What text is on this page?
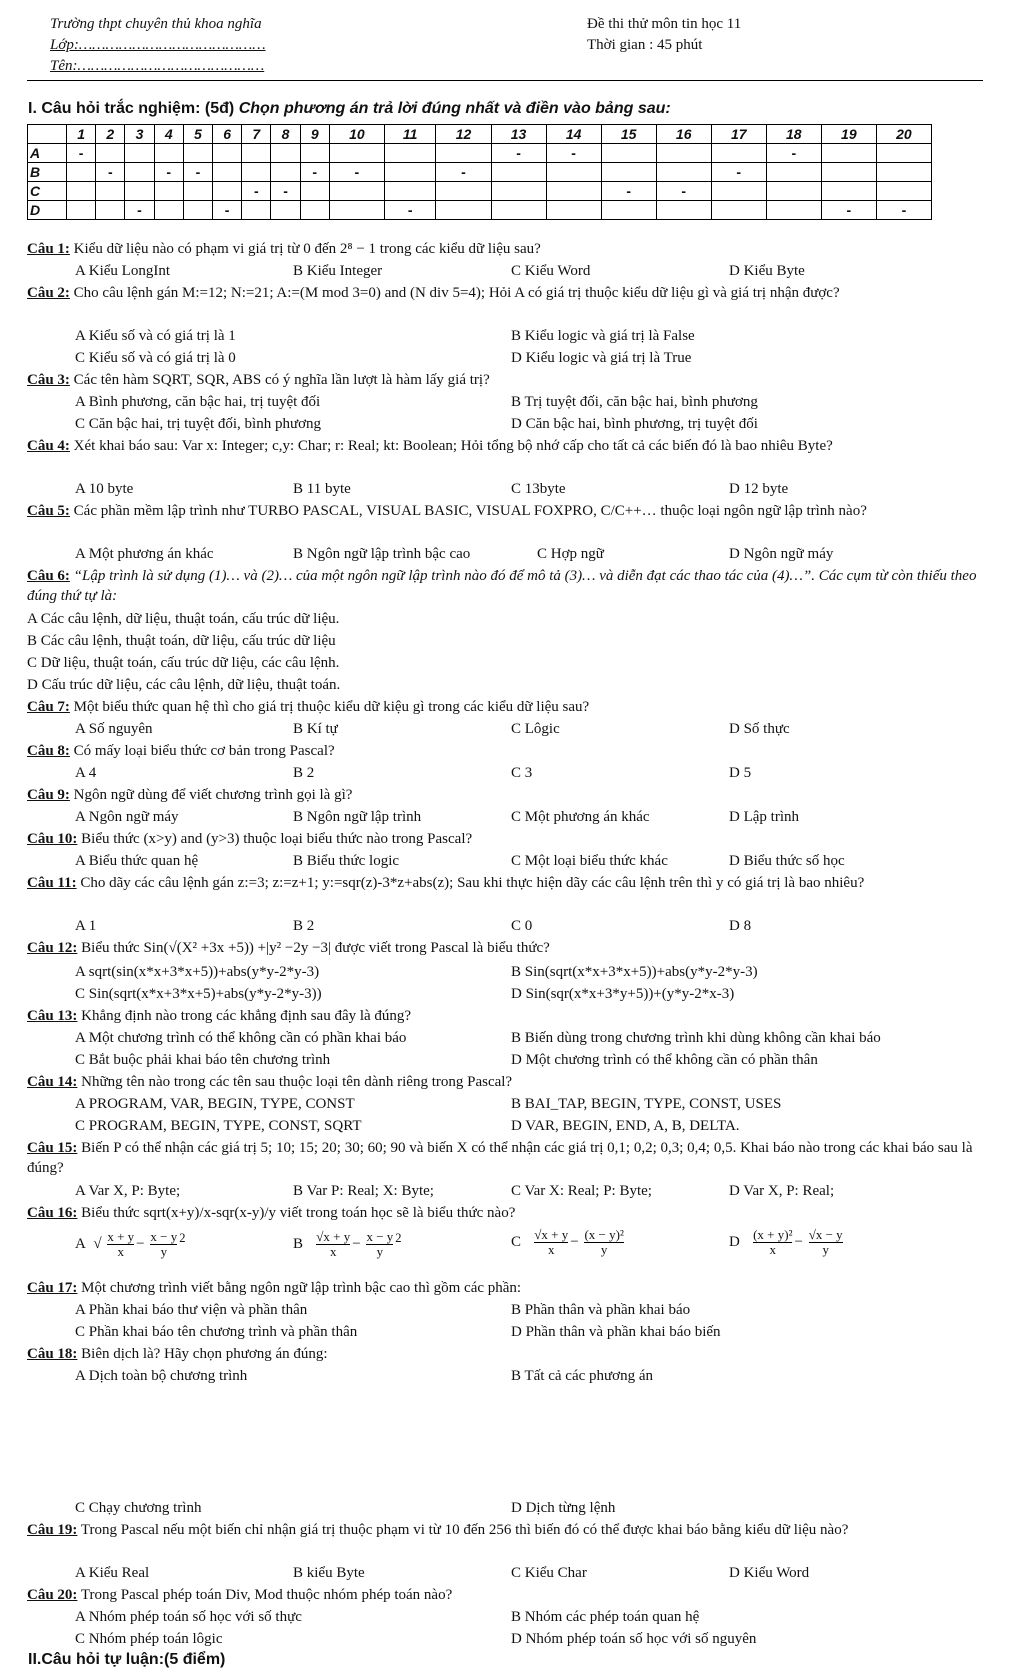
Trường thpt chuyên thủ khoa nghĩa
Lớp:……………………………………
Tên:……………………………………
Đề thi thử môn tin học 11
Thời gian : 45 phút
I. Câu hỏi trắc nghiệm: (5đ) Chọn phương án trả lời đúng nhất và điền vào bảng sau:
	1	2	3	4	5	6	7	8	9	10	11	12	13	14	15	16	17	18	19	20
A	-												-	-				-		
B		-		-	-				-	-		-					-			
C							-	-							-	-				
D			-			-					-								-	-
Câu 1: Kiểu dữ liệu nào có phạm vi giá trị từ 0 đến 2⁸ − 1 trong các kiểu dữ liệu sau?
A Kiểu LongInt	B Kiểu Integer	C Kiểu Word	D Kiểu Byte
Câu 2: Cho câu lệnh gán M:=12; N:=21; A:=(M mod 3=0) and (N div 5=4); Hỏi A có giá trị thuộc kiểu dữ liệu gì và giá trị nhận được?
A Kiểu số và có giá trị là 1	B Kiểu logic và giá trị là False
C Kiểu số và có giá trị là 0	D Kiểu logic và giá trị là True
Câu 3: Các tên hàm SQRT, SQR, ABS có ý nghĩa lần lượt là hàm lấy giá trị?
A Bình phương, căn bậc hai, trị tuyệt đối	B Trị tuyệt đối, căn bậc hai, bình phương
C Căn bậc hai, trị tuyệt đối, bình phương	D Căn bậc hai, bình phương, trị tuyệt đối
Câu 4: Xét khai báo sau: Var x: Integer; c,y: Char; r: Real; kt: Boolean; Hỏi tổng bộ nhớ cấp cho tất cả các biến đó là bao nhiêu Byte?
A 10 byte	B 11 byte	C 13byte	D 12 byte
Câu 5: Các phần mềm lập trình như TURBO PASCAL, VISUAL BASIC, VISUAL FOXPRO, C/C++… thuộc loại ngôn ngữ lập trình nào?
A Một phương án khác	B Ngôn ngữ lập trình bậc cao	C Hợp ngữ	D Ngôn ngữ máy
Câu 6: “Lập trình là sử dụng (1)… và (2)… của một ngôn ngữ lập trình nào đó để mô tả (3)… và diễn đạt các thao tác của (4)…”. Các cụm từ còn thiếu theo đúng thứ tự là:
A Các câu lệnh, dữ liệu, thuật toán, cấu trúc dữ liệu.
B Các câu lệnh, thuật toán, dữ liệu, cấu trúc dữ liệu
C Dữ liệu, thuật toán, cấu trúc dữ liệu, các câu lệnh.
D Cấu trúc dữ liệu, các câu lệnh, dữ liệu, thuật toán.
Câu 7: Một biểu thức quan hệ thì cho giá trị thuộc kiểu dữ kiệu gì trong các kiểu dữ liệu sau?
A Số nguyên	B Kí tự	C Lôgic	D Số thực
Câu 8: Có mấy loại biểu thức cơ bản trong Pascal?
A 4	B 2	C 3	D 5
Câu 9: Ngôn ngữ dùng để viết chương trình gọi là gì?
A Ngôn ngữ máy	B Ngôn ngữ lập trình	C Một phương án khác	D Lập trình
Câu 10: Biểu thức (x>y) and (y>3) thuộc loại biểu thức nào trong Pascal?
A Biểu thức quan hệ	B Biểu thức logic	C Một loại biểu thức khác	D Biểu thức số học
Câu 11: Cho dãy các câu lệnh gán z:=3; z:=z+1; y:=sqr(z)-3*z+abs(z); Sau khi thực hiện dãy các câu lệnh trên thì y có giá trị là bao nhiêu?
A 1	B 2	C 0	D 8
Câu 12: Biểu thức Sin(√(X² +3x +5)) +|y² −2y −3| được viết trong Pascal là biểu thức?
A sqrt(sin(x*x+3*x+5))+abs(y*y-2*y-3)	B Sin(sqrt(x*x+3*x+5))+abs(y*y-2*y-3)
C Sin(sqrt(x*x+3*x+5)+abs(y*y-2*y-3))	D Sin(sqr(x*x+3*y+5))+(y*y-2*x-3)
Câu 13: Khẳng định nào trong các khẳng định sau đây là đúng?
A Một chương trình có thể không cần có phần khai báo	B Biến dùng trong chương trình khi dùng không cần khai báo
C Bắt buộc phải khai báo tên chương trình	D Một chương trình có thể không cần có phần thân
Câu 14: Những tên nào trong các tên sau thuộc loại tên dành riêng trong Pascal?
A PROGRAM, VAR, BEGIN, TYPE, CONST	B BAI_TAP, BEGIN, TYPE, CONST, USES
C PROGRAM, BEGIN, TYPE, CONST, SQRT	D VAR, BEGIN, END, A, B, DELTA.
Câu 15: Biến P có thể nhận các giá trị 5; 10; 15; 20; 30; 60; 90 và biến X có thể nhận các giá trị 0,1; 0,2; 0,3; 0,4; 0,5. Khai báo nào trong các khai báo sau là đúng?
A Var X, P: Byte;	B Var P: Real; X: Byte;	C Var X: Real; P: Byte;	D Var X, P: Real;
Câu 16: Biểu thức sqrt(x+y)/x-sqr(x-y)/y viết trong toán học sẽ là biểu thức nào?
A  √ $\frac{x + y}{x} - \frac{x - y}{y} ^2$	B $\frac{√x + y}{x} - \frac{x - y}{y} ^2$	C $\frac{√x + y}{x} - \frac{\text{(x − y)²}}{y}$	D $\frac{\text{(x + y)²}}{x} - \frac{√x - y}{y}$
Câu 17: Một chương trình viết bằng ngôn ngữ lập trình bậc cao thì gồm các phần:
A Phần khai báo thư viện và phần thân	B Phần thân và phần khai báo
C Phần khai báo tên chương trình và phần thân	D Phần thân và phần khai báo biến
Câu 18: Biên dịch là? Hãy chọn phương án đúng:
A Dịch toàn bộ chương trình	B Tất cả các phương án
C Chạy chương trình	D Dịch từng lệnh
Câu 19: Trong Pascal nếu một biến chỉ nhận giá trị thuộc phạm vi từ 10 đến 256 thì biến đó có thể được khai báo bằng kiểu dữ liệu nào?
A Kiểu Real	B kiểu Byte	C Kiểu Char	D Kiểu Word
Câu 20: Trong Pascal phép toán Div, Mod thuộc nhóm phép toán nào?
A Nhóm phép toán số học với số thực	B Nhóm các phép toán quan hệ
C Nhóm phép toán lôgic	D Nhóm phép toán số học với số nguyên
II.Câu hỏi tự luận:(5 điểm)
